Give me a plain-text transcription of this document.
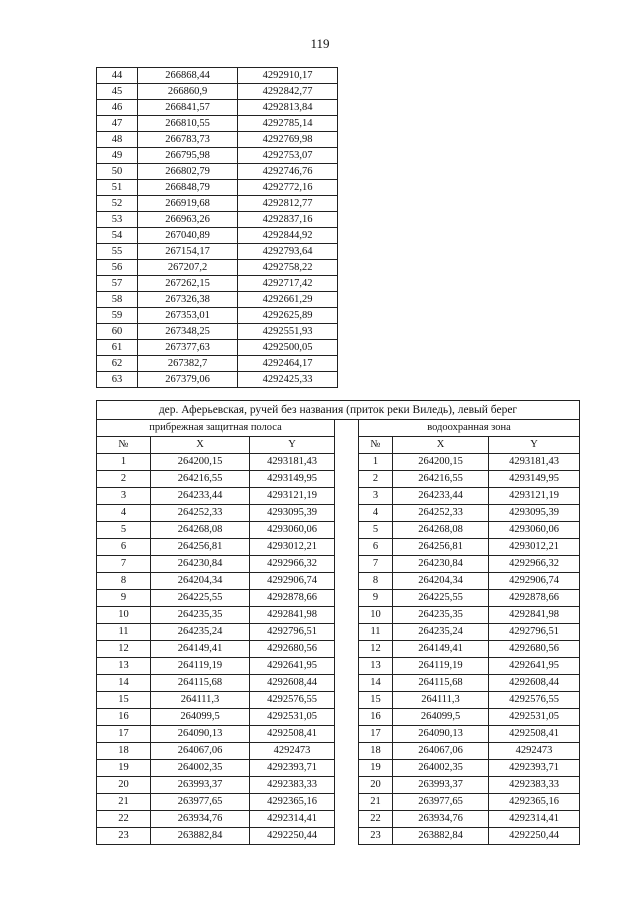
119
44	266868,44	4292910,17
45	266860,9	4292842,77
46	266841,57	4292813,84
47	266810,55	4292785,14
48	266783,73	4292769,98
49	266795,98	4292753,07
50	266802,79	4292746,76
51	266848,79	4292772,16
52	266919,68	4292812,77
53	266963,26	4292837,16
54	267040,89	4292844,92
55	267154,17	4292793,64
56	267207,2	4292758,22
57	267262,15	4292717,42
58	267326,38	4292661,29
59	267353,01	4292625,89
60	267348,25	4292551,93
61	267377,63	4292500,05
62	267382,7	4292464,17
63	267379,06	4292425,33
дер. Аферьевская, ручей без названия (приток реки Виледь), левый берег						
прибрежная защитная полоса				водоохранная зона		
№	X	Y		№	X	Y
1	264200,15	4293181,43		1	264200,15	4293181,43
2	264216,55	4293149,95		2	264216,55	4293149,95
3	264233,44	4293121,19		3	264233,44	4293121,19
4	264252,33	4293095,39		4	264252,33	4293095,39
5	264268,08	4293060,06		5	264268,08	4293060,06
6	264256,81	4293012,21		6	264256,81	4293012,21
7	264230,84	4292966,32		7	264230,84	4292966,32
8	264204,34	4292906,74		8	264204,34	4292906,74
9	264225,55	4292878,66		9	264225,55	4292878,66
10	264235,35	4292841,98		10	264235,35	4292841,98
11	264235,24	4292796,51		11	264235,24	4292796,51
12	264149,41	4292680,56		12	264149,41	4292680,56
13	264119,19	4292641,95		13	264119,19	4292641,95
14	264115,68	4292608,44		14	264115,68	4292608,44
15	264111,3	4292576,55		15	264111,3	4292576,55
16	264099,5	4292531,05		16	264099,5	4292531,05
17	264090,13	4292508,41		17	264090,13	4292508,41
18	264067,06	4292473		18	264067,06	4292473
19	264002,35	4292393,71		19	264002,35	4292393,71
20	263993,37	4292383,33		20	263993,37	4292383,33
21	263977,65	4292365,16		21	263977,65	4292365,16
22	263934,76	4292314,41		22	263934,76	4292314,41
23	263882,84	4292250,44		23	263882,84	4292250,44
